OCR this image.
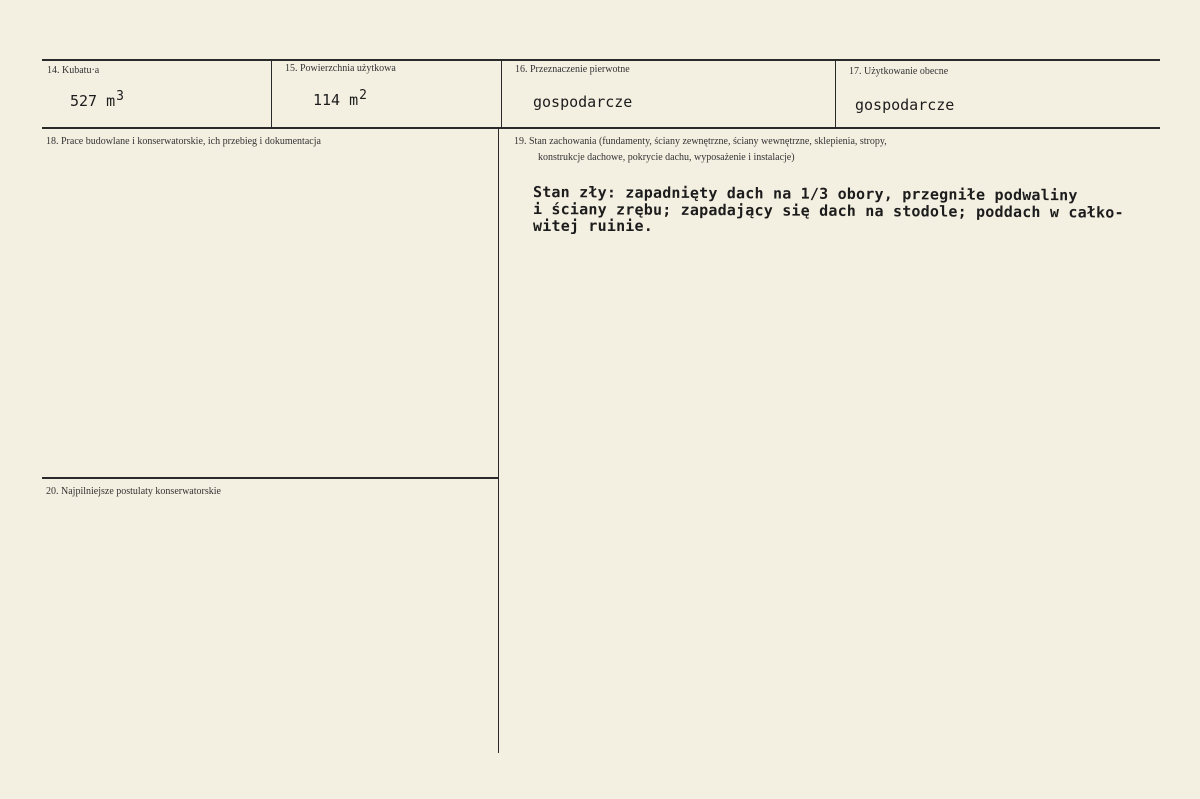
14. Kubatu·a
527 m3
15. Powierzchnia użytkowa
114 m2
16. Przeznaczenie pierwotne
gospodarcze
17. Użytkowanie obecne
gospodarcze
18. Prace budowlane i konserwatorskie, ich przebieg i dokumentacja	19. Stan zachowania (fundamenty, ściany zewnętrzne, ściany wewnętrzne, sklepienia, stropy,
konstrukcje dachowe, pokrycie dachu, wyposażenie i instalacje)
Stan zły: zapadnięty dach na 1/3 obory, przegniłe podwaliny
i ściany zrębu; zapadający się dach na stodole; poddach w całko-
witej ruinie.
20. Najpilniejsze postulaty konserwatorskie
